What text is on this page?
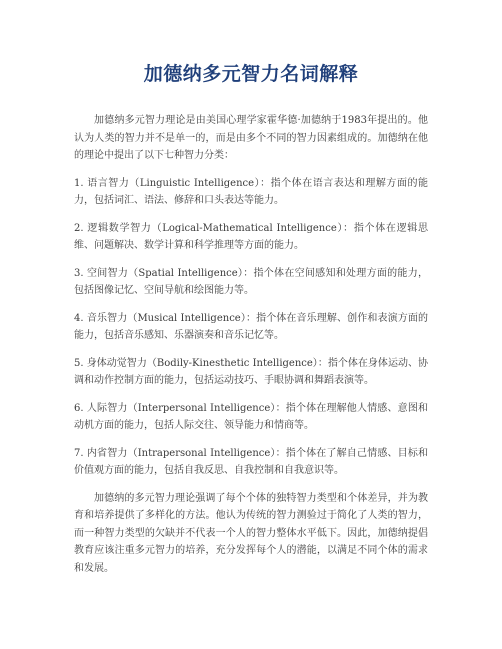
加德纳多元智力名词解释

加德纳多元智力理论是由美国心理学家霍华德·加德纳于1983年提出的。他认为人类的智力并不是单一的，而是由多个不同的智力因素组成的。加德纳在他的理论中提出了以下七种智力分类：

1. 语言智力（Linguistic Intelligence）：指个体在语言表达和理解方面的能力，包括词汇、语法、修辞和口头表达等能力。

2. 逻辑数学智力（Logical-Mathematical Intelligence）：指个体在逻辑思维、问题解决、数学计算和科学推理等方面的能力。

3. 空间智力（Spatial Intelligence）：指个体在空间感知和处理方面的能力，包括图像记忆、空间导航和绘图能力等。

4. 音乐智力（Musical Intelligence）：指个体在音乐理解、创作和表演方面的能力，包括音乐感知、乐器演奏和音乐记忆等。

5. 身体动觉智力（Bodily-Kinesthetic Intelligence）：指个体在身体运动、协调和动作控制方面的能力，包括运动技巧、手眼协调和舞蹈表演等。

6. 人际智力（Interpersonal Intelligence）：指个体在理解他人情感、意图和动机方面的能力，包括人际交往、领导能力和情商等。

7. 内省智力（Intrapersonal Intelligence）：指个体在了解自己情感、目标和价值观方面的能力，包括自我反思、自我控制和自我意识等。

加德纳的多元智力理论强调了每个个体的独特智力类型和个体差异，并为教育和培养提供了多样化的方法。他认为传统的智力测验过于简化了人类的智力，而一种智力类型的欠缺并不代表一个人的智力整体水平低下。因此，加德纳提倡教育应该注重多元智力的培养，充分发挥每个人的潜能，以满足不同个体的需求和发展。
